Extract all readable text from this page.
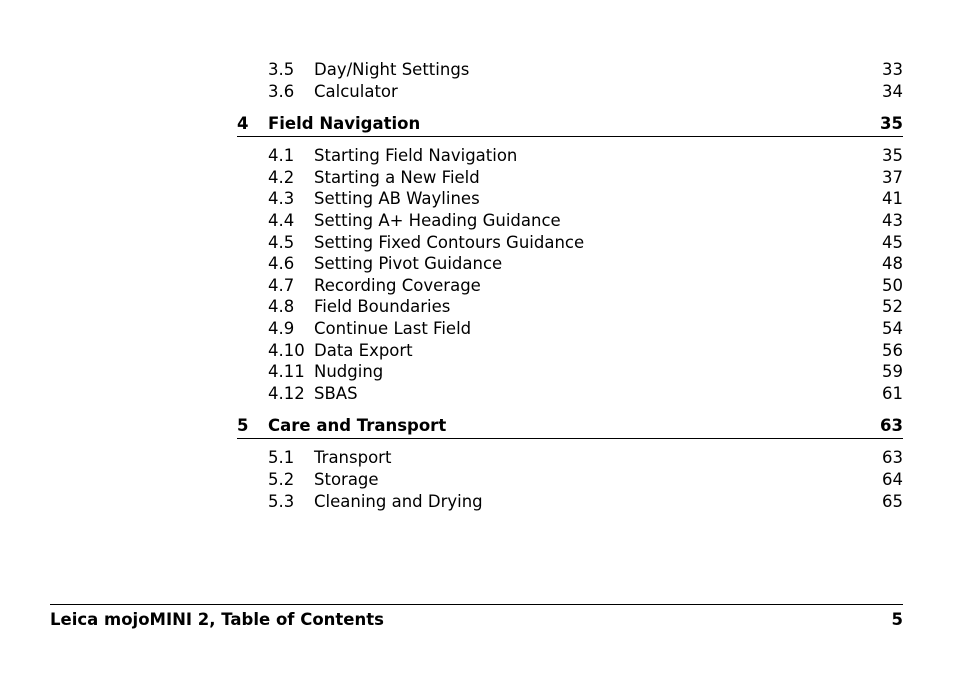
3.5 Day/Night Settings	33
3.6 Calculator	34
4 Field Navigation	35
4.1 Starting Field Navigation	35
4.2 Starting a New Field	37
4.3 Setting AB Waylines	41
4.4 Setting A+ Heading Guidance	43
4.5 Setting Fixed Contours Guidance	45
4.6 Setting Pivot Guidance	48
4.7 Recording Coverage	50
4.8 Field Boundaries	52
4.9 Continue Last Field	54
4.10 Data Export	56
4.11 Nudging	59
4.12 SBAS	61
5 Care and Transport	63
5.1 Transport	63
5.2 Storage	64
5.3 Cleaning and Drying	65
Leica mojoMINI 2, Table of Contents	5
